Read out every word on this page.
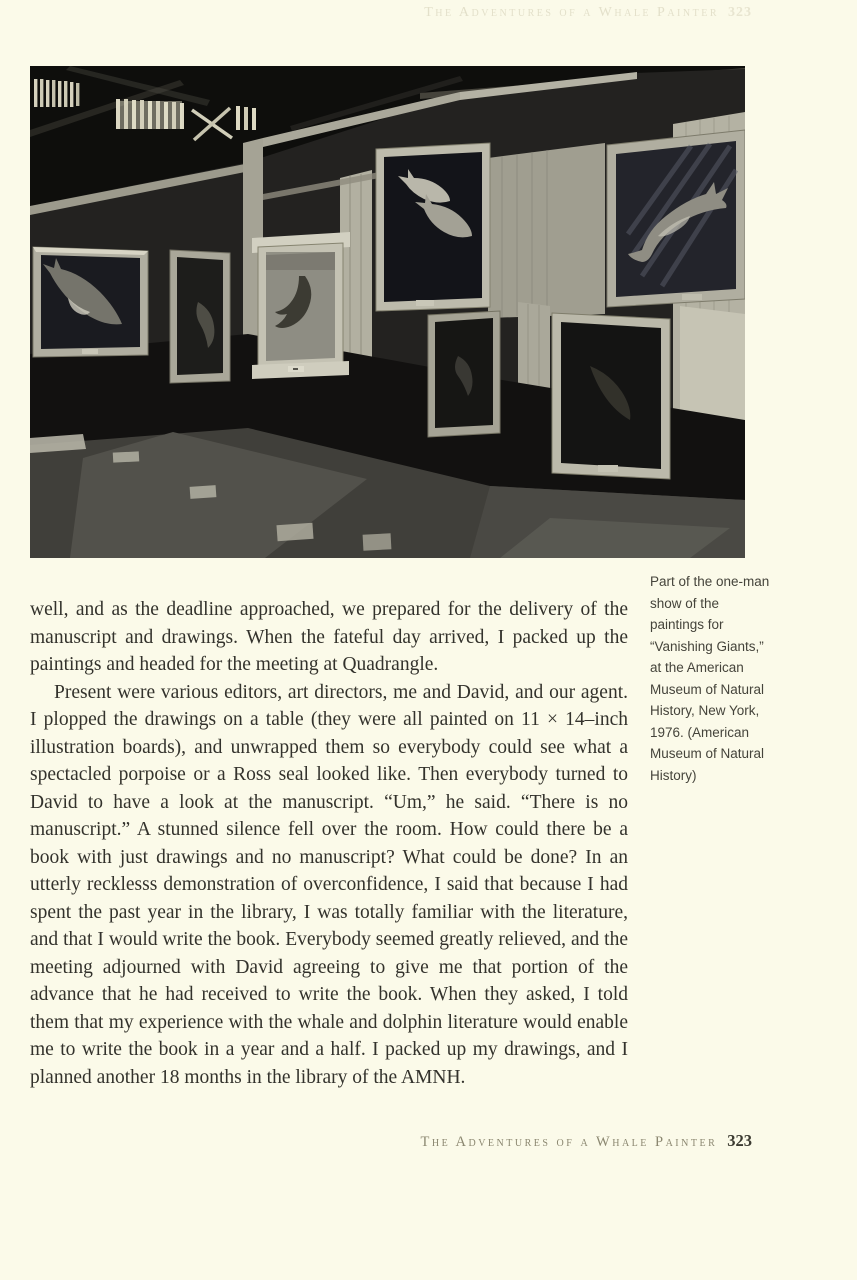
The Adventures of a Whale Painter 323
Part of the one-man show of the paintings for “Vanishing Giants,” at the American Museum of Natural History, New York, 1976. (American Museum of Natural History)

well, and as the deadline approached, we prepared for the delivery of the manuscript and drawings. When the fateful day arrived, I packed up the paintings and headed for the meeting at Quadrangle.

Present were various editors, art directors, me and David, and our agent. I plopped the drawings on a table (they were all painted on 11 × 14–inch illustration boards), and unwrapped them so everybody could see what a spectacled porpoise or a Ross seal looked like. Then everybody turned to David to have a look at the manuscript. “Um,” he said. “There is no manuscript.” A stunned silence fell over the room. How could there be a book with just drawings and no manuscript? What could be done? In an utterly recklesss demonstration of overconfidence, I said that because I had spent the past year in the library, I was totally familiar with the literature, and that I would write the book. Everybody seemed greatly relieved, and the meeting adjourned with David agreeing to give me that portion of the advance that he had received to write the book. When they asked, I told them that my experience with the whale and dolphin literature would enable me to write the book in a year and a half. I packed up my drawings, and I planned another 18 months in the library of the AMNH.

The Adventures of a Whale Painter 323
